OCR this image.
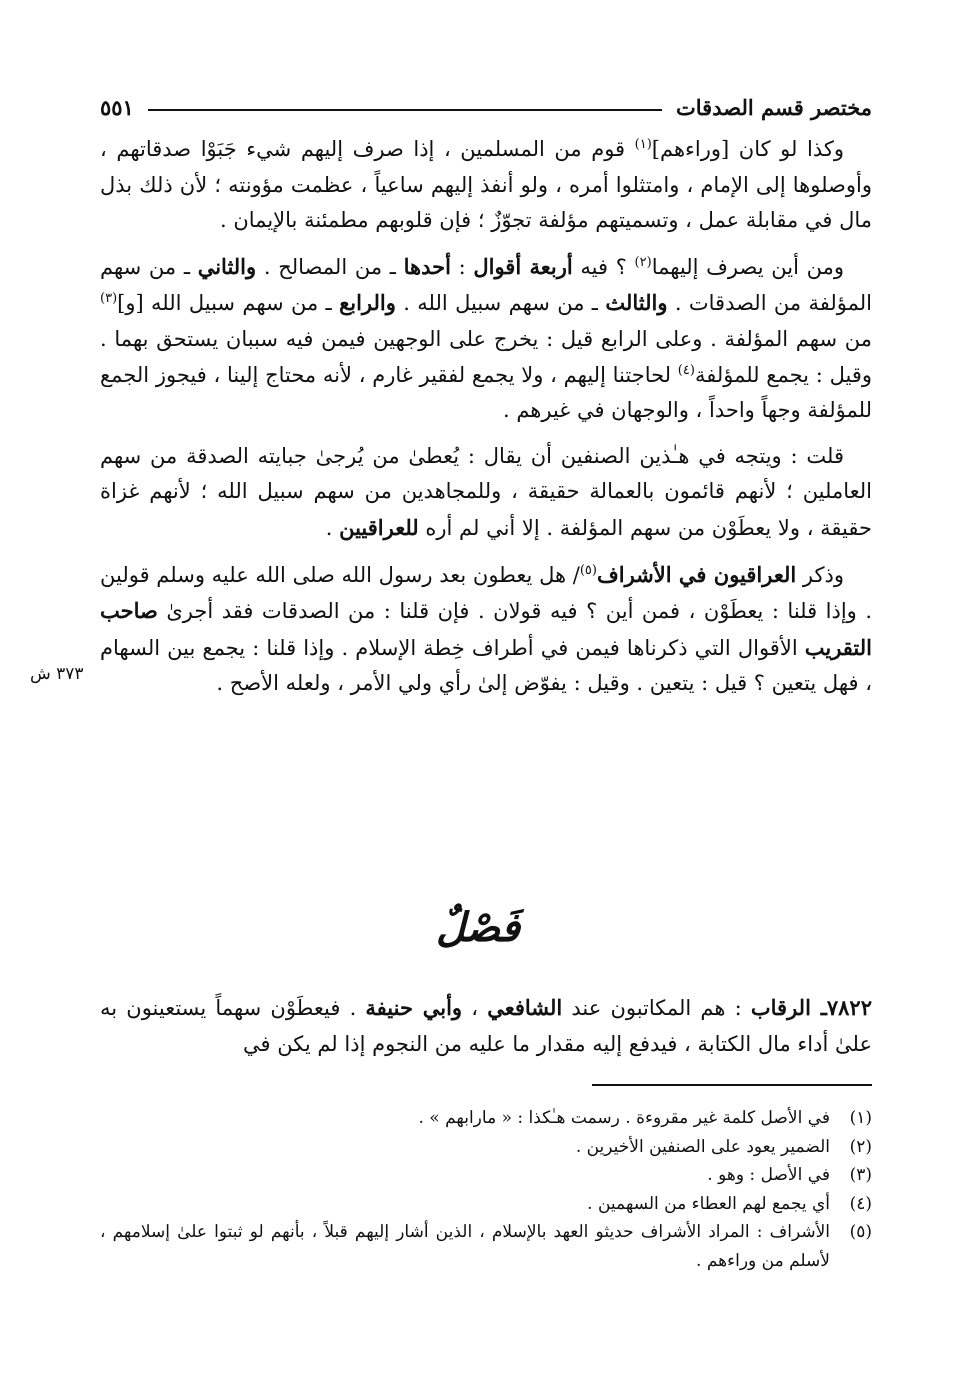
مختصر قسم الصدقات
٥٥١

وكذا لو كان [وراءهم]$^{(١)}$ قوم من المسلمين ، إذا صرف إليهم شيء جَبَوْا صدقاتهم ، وأوصلوها إلى الإمام ، وامتثلوا أمره ، ولو أنفذ إليهم ساعياً ، عظمت مؤونته ؛ لأن ذلك بذل مال في مقابلة عمل ، وتسميتهم مؤلفة تجوّزٌ ؛ فإن قلوبهم مطمئنة بالإيمان .

ومن أين يصرف إليهما$^{(٢)}$ ؟ فيه أربعة أقوال : أحدها ـ من المصالح . والثاني ـ من سهم المؤلفة من الصدقات . والثالث ـ من سهم سبيل الله . والرابع ـ من سهم سبيل الله [و]$^{(٣)}$ من سهم المؤلفة . وعلى الرابع قيل : يخرج على الوجهين فيمن فيه سببان يستحق بهما . وقيل : يجمع للمؤلفة$^{(٤)}$ لحاجتنا إليهم ، ولا يجمع لفقير غارم ، لأنه محتاج إلينا ، فيجوز الجمع للمؤلفة وجهاً واحداً ، والوجهان في غيرهم .

قلت : ويتجه في هـٰذين الصنفين أن يقال : يُعطىٰ من يُرجىٰ جبايته الصدقة من سهم العاملين ؛ لأنهم قائمون بالعمالة حقيقة ، وللمجاهدين من سهم سبيل الله ؛ لأنهم غزاة حقيقة ، ولا يعطَوْن من سهم المؤلفة . إلا أني لم أره للعراقيين .

وذكر العراقيون في الأشراف$^{(٥)}$/ هل يعطون بعد رسول الله صلى الله عليه وسلم قولين . وإذا قلنا : يعطَوْن ، فمن أين ؟ فيه قولان . فإن قلنا : من الصدقات فقد أجرىٰ صاحب التقريب الأقوال التي ذكرناها فيمن في أطراف خِطة الإسلام . وإذا قلنا : يجمع بين السهام ، فهل يتعين ؟ قيل : يتعين . وقيل : يفوّض إلىٰ رأي ولي الأمر ، ولعله الأصح .

٣٧٣ ش
فَصْلٌ

٧٨٢٢ـ الرقاب : هم المكاتبون عند الشافعي ، وأبي حنيفة . فيعطَوْن سهماً يستعينون به علىٰ أداء مال الكتابة ، فيدفع إليه مقدار ما عليه من النجوم إذا لم يكن في

(١)
في الأصل كلمة غير مقروءة . رسمت هـٰكذا : « مارابهم » .
(٢)
الضمير يعود على الصنفين الأخيرين .
(٣)
في الأصل : وهو .
(٤)
أي يجمع لهم العطاء من السهمين .
(٥)
الأشراف : المراد الأشراف حديثو العهد بالإسلام ، الذين أشار إليهم قبلاً ، بأنهم لو ثبتوا علىٰ إسلامهم ، لأسلم من وراءهم .
